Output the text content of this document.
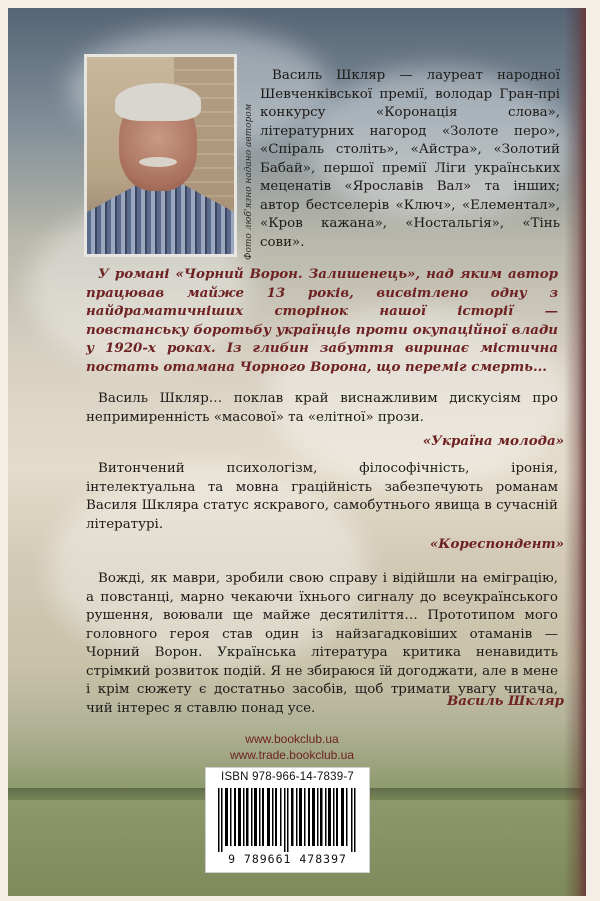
Фото люб'язно надано автором
Василь Шкляр — лауреат народної Шевченківської премії, володар Гран-прі конкурсу «Коронація слова», літературних нагород «Золоте перо», «Спіраль століть», «Айстра», «Золотий Бабай», першої премії Ліги українських меценатів «Ярославів Вал» та інших; автор бестселерів «Ключ», «Елементал», «Кров кажана», «Ностальгія», «Тінь сови».
У романі «Чорний Ворон. Залишенець», над яким автор працював майже 13 років, висвітлено одну з найдраматичніших сторінок нашої історії — повстанську боротьбу українців проти окупаційної влади у 1920-х роках. Із глибин забуття виринає містична постать отамана Чорного Ворона, що переміг смерть...
Василь Шкляр… поклав край виснажливим дискусіям про непримиренність «масової» та «елітної» прози.
«Україна молода»
Витончений психологізм, філософічність, іронія, інтелектуальна та мовна граційність забезпечують романам Василя Шкляра статус яскравого, самобутнього явища в сучасній літературі.
«Кореспондент»
Вожді, як маври, зробили свою справу і відійшли на еміграцію, а повстанці, марно чекаючи їхнього сигналу до всеукраїнського рушення, воювали ще майже десятиліття… Прототипом мого головного героя став один із найзагадковіших отаманів — Чорний Ворон. Українська література критика ненавидить стрімкий розвиток подій. Я не збираюся їй догоджати, але в мене і крім сюжету є достатньо засобів, щоб тримати увагу читача, чий інтерес я ставлю понад усе.	Василь Шкляр
www.bookclub.ua
www.trade.bookclub.ua
ISBN 978-966-14-7839-7
9 789661 478397
